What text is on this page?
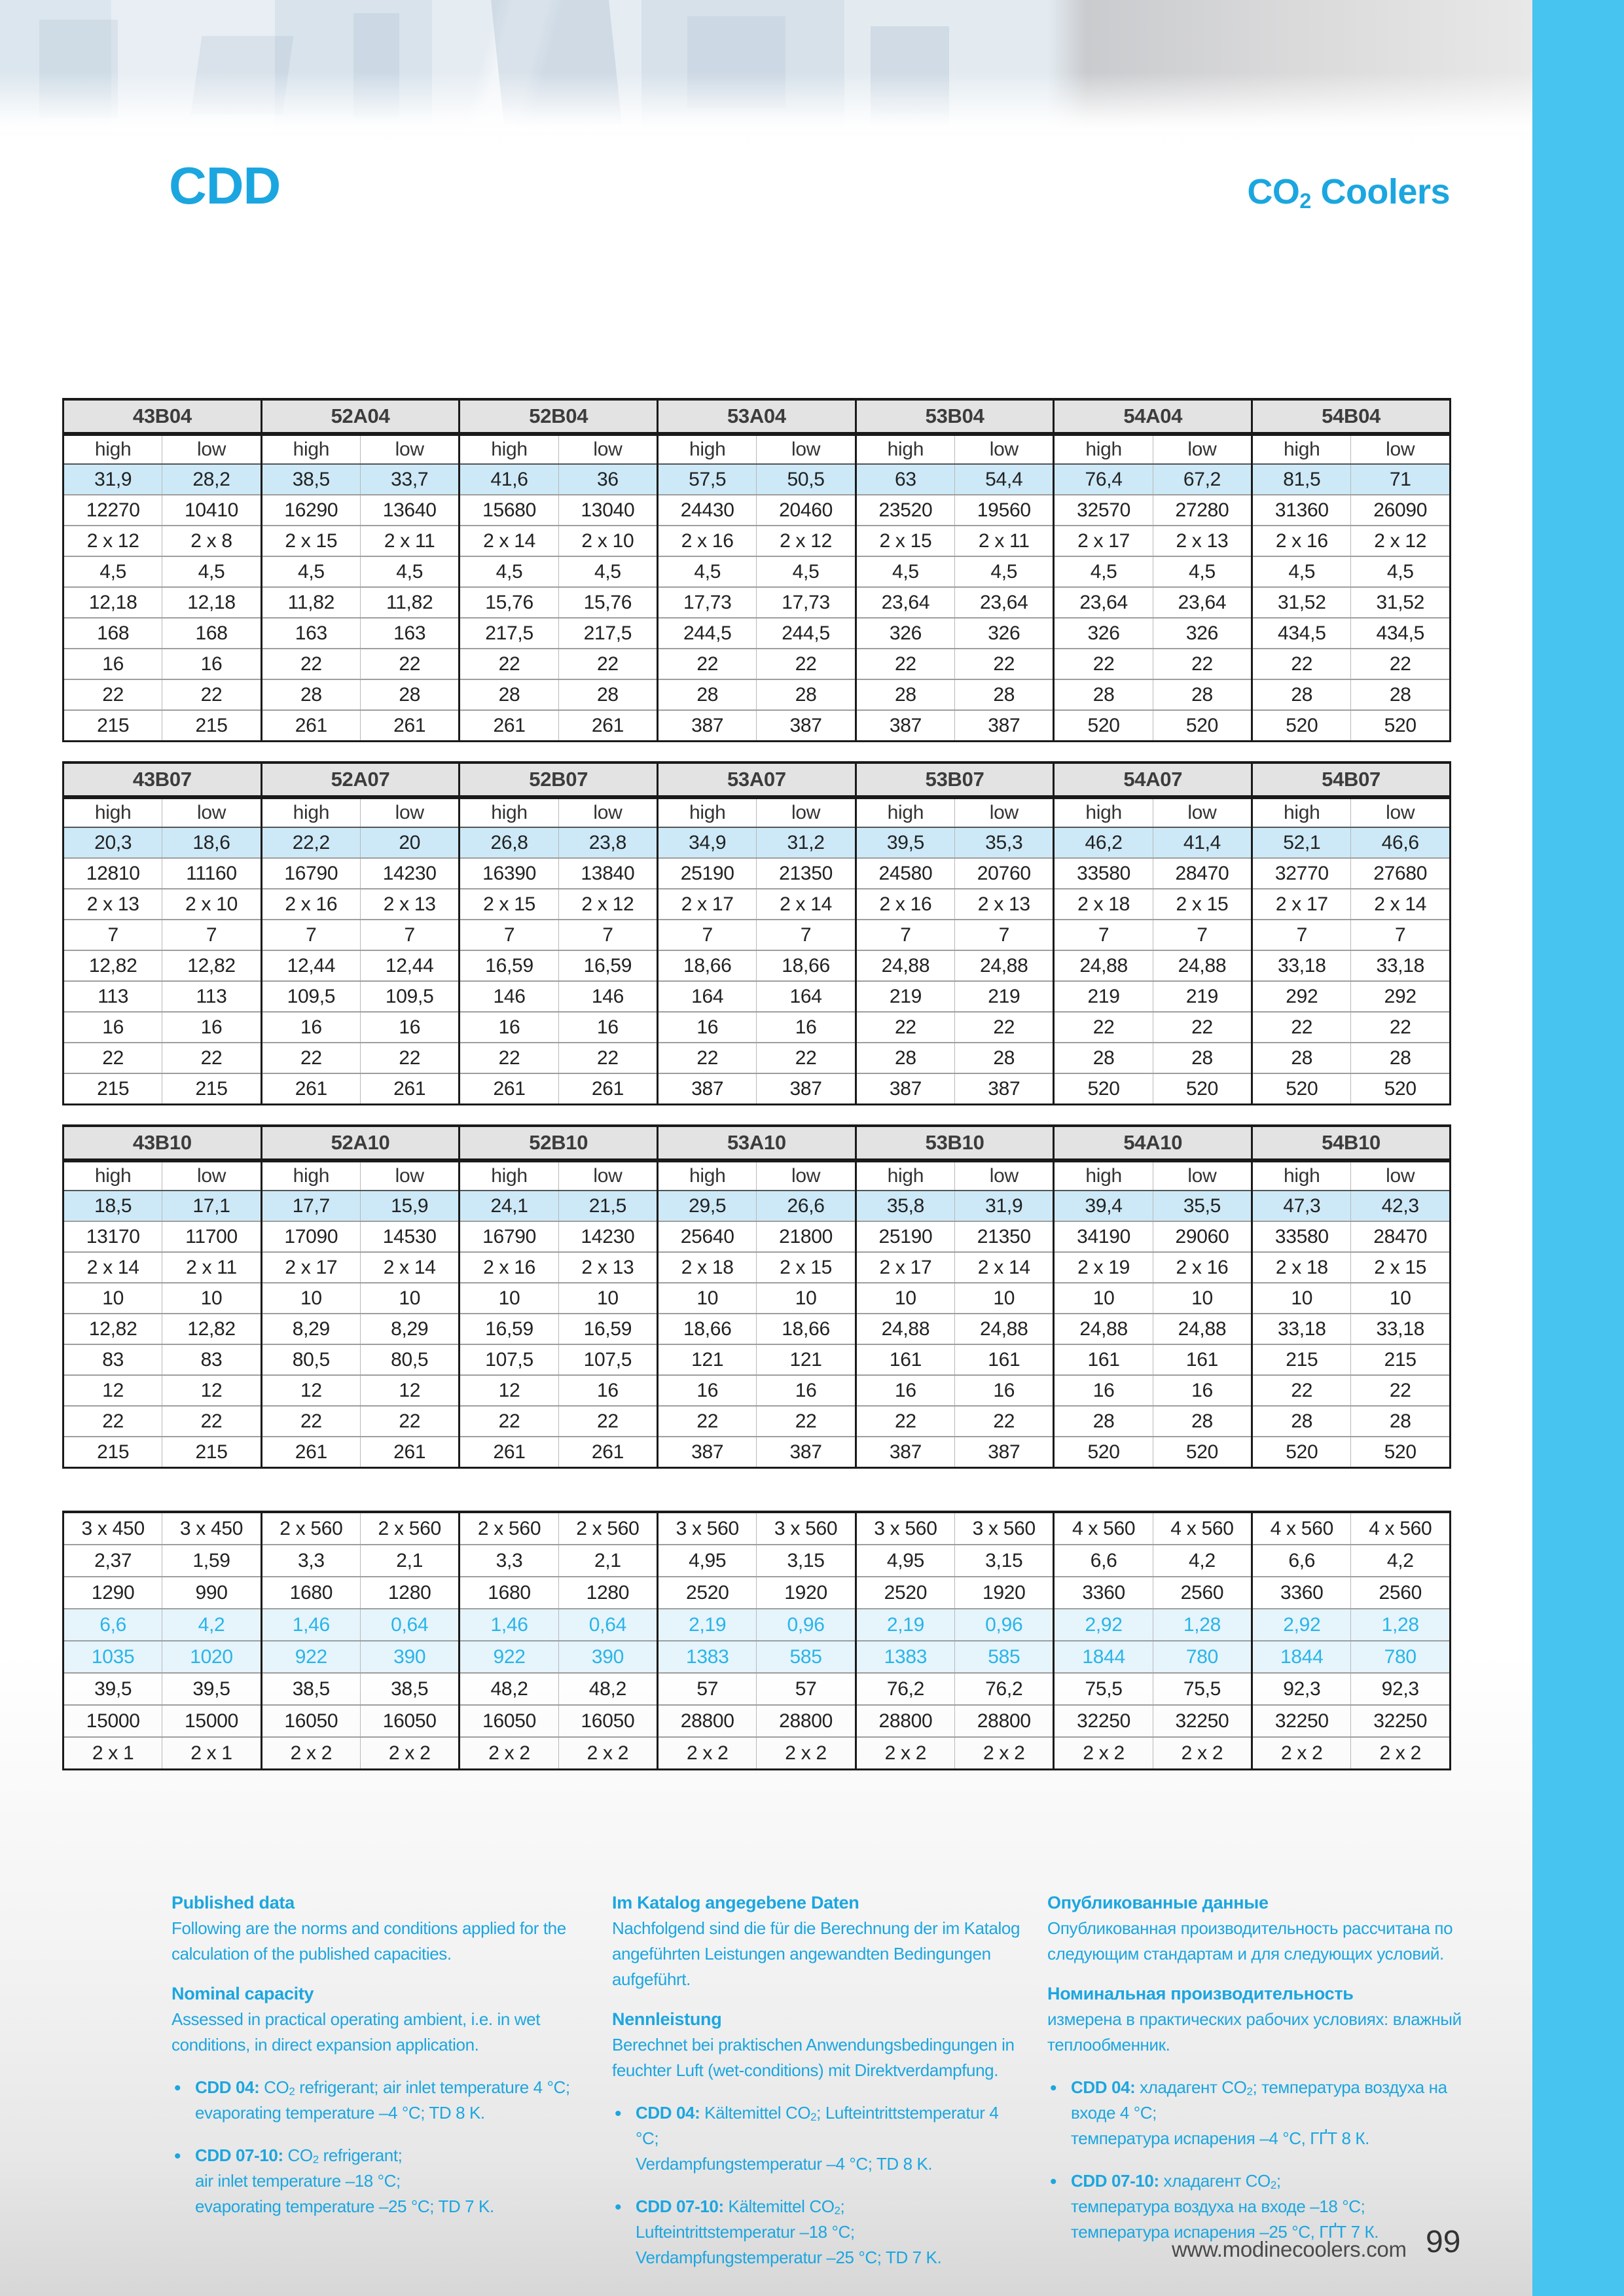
CDD	$CO_2$ Coolers
43B04		52A04		52B04		53A04		53B04		54A04		54B04	
high	low	high	low	high	low	high	low	high	low	high	low	high	low
31,9	28,2	38,5	33,7	41,6	36	57,5	50,5	63	54,4	76,4	67,2	81,5	71
12270	10410	16290	13640	15680	13040	24430	20460	23520	19560	32570	27280	31360	26090
2 x 12	2 x 8	2 x 15	2 x 11	2 x 14	2 x 10	2 x 16	2 x 12	2 x 15	2 x 11	2 x 17	2 x 13	2 x 16	2 x 12
4,5	4,5	4,5	4,5	4,5	4,5	4,5	4,5	4,5	4,5	4,5	4,5	4,5	4,5
12,18	12,18	11,82	11,82	15,76	15,76	17,73	17,73	23,64	23,64	23,64	23,64	31,52	31,52
168	168	163	163	217,5	217,5	244,5	244,5	326	326	326	326	434,5	434,5
16	16	22	22	22	22	22	22	22	22	22	22	22	22
22	22	28	28	28	28	28	28	28	28	28	28	28	28
215	215	261	261	261	261	387	387	387	387	520	520	520	520
43B07		52A07		52B07		53A07		53B07		54A07		54B07	
high	low	high	low	high	low	high	low	high	low	high	low	high	low
20,3	18,6	22,2	20	26,8	23,8	34,9	31,2	39,5	35,3	46,2	41,4	52,1	46,6
12810	11160	16790	14230	16390	13840	25190	21350	24580	20760	33580	28470	32770	27680
2 x 13	2 x 10	2 x 16	2 x 13	2 x 15	2 x 12	2 x 17	2 x 14	2 x 16	2 x 13	2 x 18	2 x 15	2 x 17	2 x 14
7	7	7	7	7	7	7	7	7	7	7	7	7	7
12,82	12,82	12,44	12,44	16,59	16,59	18,66	18,66	24,88	24,88	24,88	24,88	33,18	33,18
113	113	109,5	109,5	146	146	164	164	219	219	219	219	292	292
16	16	16	16	16	16	16	16	22	22	22	22	22	22
22	22	22	22	22	22	22	22	28	28	28	28	28	28
215	215	261	261	261	261	387	387	387	387	520	520	520	520
43B10		52A10		52B10		53A10		53B10		54A10		54B10	
high	low	high	low	high	low	high	low	high	low	high	low	high	low
18,5	17,1	17,7	15,9	24,1	21,5	29,5	26,6	35,8	31,9	39,4	35,5	47,3	42,3
13170	11700	17090	14530	16790	14230	25640	21800	25190	21350	34190	29060	33580	28470
2 x 14	2 x 11	2 x 17	2 x 14	2 x 16	2 x 13	2 x 18	2 x 15	2 x 17	2 x 14	2 x 19	2 x 16	2 x 18	2 x 15
10	10	10	10	10	10	10	10	10	10	10	10	10	10
12,82	12,82	8,29	8,29	16,59	16,59	18,66	18,66	24,88	24,88	24,88	24,88	33,18	33,18
83	83	80,5	80,5	107,5	107,5	121	121	161	161	161	161	215	215
12	12	12	12	12	16	16	16	16	16	16	16	22	22
22	22	22	22	22	22	22	22	22	22	28	28	28	28
215	215	261	261	261	261	387	387	387	387	520	520	520	520
3 x 450	3 x 450	2 x 560	2 x 560	2 x 560	2 x 560	3 x 560	3 x 560	3 x 560	3 x 560	4 x 560	4 x 560	4 x 560	4 x 560
2,37	1,59	3,3	2,1	3,3	2,1	4,95	3,15	4,95	3,15	6,6	4,2	6,6	4,2
1290	990	1680	1280	1680	1280	2520	1920	2520	1920	3360	2560	3360	2560
6,6	4,2	1,46	0,64	1,46	0,64	2,19	0,96	2,19	0,96	2,92	1,28	2,92	1,28
1035	1020	922	390	922	390	1383	585	1383	585	1844	780	1844	780
39,5	39,5	38,5	38,5	48,2	48,2	57	57	76,2	76,2	75,5	75,5	92,3	92,3
15000	15000	16050	16050	16050	16050	28800	28800	28800	28800	32250	32250	32250	32250
2 x 1	2 x 1	2 x 2	2 x 2	2 x 2	2 x 2	2 x 2	2 x 2	2 x 2	2 x 2	2 x 2	2 x 2	2 x 2	2 x 2
Published data

Following are the norms and conditions applied for the calculation of the published capacities.

Nominal capacity

Assessed in practical operating ambient, i.e. in wet conditions, in direct expansion application.

• CDD 04: $CO_2$ refrigerant; air inlet temperature 4 °C;
evaporating temperature –4 °C; TD 8 K.
• CDD 07-10: $CO_2$ refrigerant;
air inlet temperature –18 °C;
evaporating temperature –25 °C; TD 7 K.
Im Katalog angegebene Daten

Nachfolgend sind die für die Berechnung der im Katalog angeführten Leistungen angewandten Bedingungen aufgeführt.

Nennleistung

Berechnet bei praktischen Anwendungsbedingungen in feuchter Luft (wet-conditions) mit Direktverdampfung.

• CDD 04: Kältemittel $CO_2$; Lufteintrittstemperatur 4 °C;
Verdampfungstemperatur –4 °C; TD 8 K.
• CDD 07-10: Kältemittel $CO_2$;
Lufteintrittstemperatur –18 °C;
Verdampfungstemperatur –25 °C; TD 7 K.
Опубликованные данные

Опубликованная производительность рассчитана по следующим стандартам и для следующих условий.

Номинальная производительность

измерена в практических рабочих условиях: влажный теплообменник.

• CDD 04: хладагент $CO_2$; температура воздуха на входе 4 °C;
температура испарения –4 °C, ГҐТ 8 К.
• CDD 07-10: хладагент $CO_2$;
температура воздуха на входе –18 °C;
температура испарения –25 °C, ГҐТ 7 К.
www.modinecoolers.com 99
